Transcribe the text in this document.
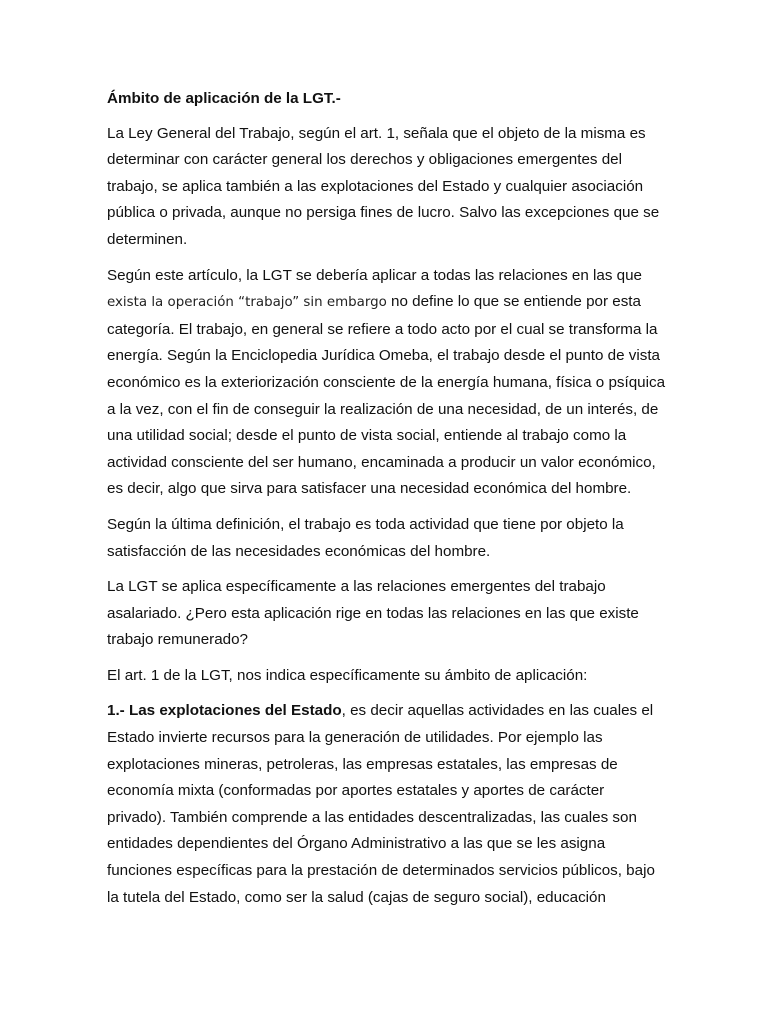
Ámbito de aplicación de la LGT.-

La Ley General del Trabajo, según el art. 1, señala que el objeto de la misma es determinar con carácter general los derechos y obligaciones emergentes del trabajo, se aplica también a las explotaciones del Estado y cualquier asociación pública o privada, aunque no persiga fines de lucro. Salvo las excepciones que se determinen.

Según este artículo, la LGT se debería aplicar a todas las relaciones en las que exista la operación “trabajo” sin embargo no define lo que se entiende por esta categoría. El trabajo, en general se refiere a todo acto por el cual se transforma la energía. Según la Enciclopedia Jurídica Omeba, el trabajo desde el punto de vista económico es la exteriorización consciente de la energía humana, física o psíquica a la vez, con el fin de conseguir la realización de una necesidad, de un interés, de una utilidad social; desde el punto de vista social, entiende al trabajo como la actividad consciente del ser humano, encaminada a producir un valor económico, es decir, algo que sirva para satisfacer una necesidad económica del hombre.

Según la última definición, el trabajo es toda actividad que tiene por objeto la satisfacción de las necesidades económicas del hombre.

La LGT se aplica específicamente a las relaciones emergentes del trabajo asalariado. ¿Pero esta aplicación rige en todas las relaciones en las que existe trabajo remunerado?

El art. 1 de la LGT, nos indica específicamente su ámbito de aplicación:

1.- Las explotaciones del Estado, es decir aquellas actividades en las cuales el Estado invierte recursos para la generación de utilidades. Por ejemplo las explotaciones mineras, petroleras, las empresas estatales, las empresas de economía mixta (conformadas por aportes estatales y aportes de carácter privado). También comprende a las entidades descentralizadas, las cuales son entidades dependientes del Órgano Administrativo a las que se les asigna funciones específicas para la prestación de determinados servicios públicos, bajo la tutela del Estado, como ser la salud (cajas de seguro social), educación
